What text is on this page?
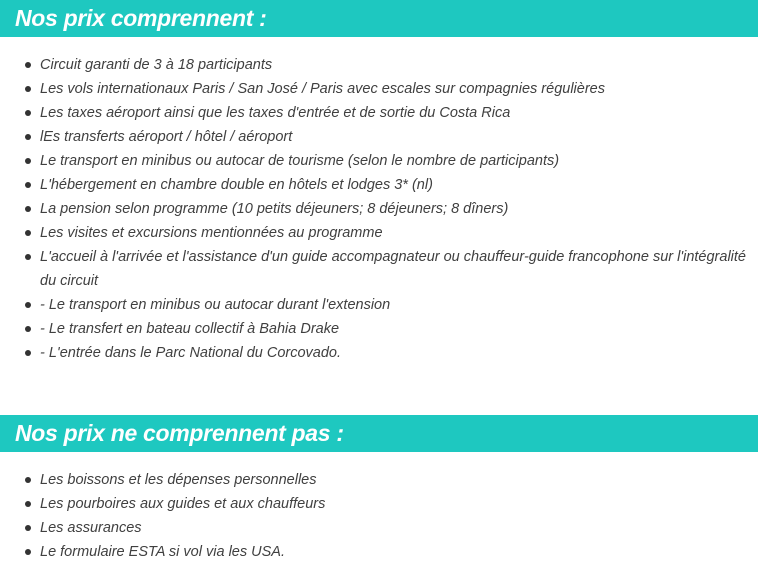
Nos prix comprennent :
Circuit garanti de 3 à 18 participants
Les vols internationaux Paris / San José / Paris avec escales sur compagnies régulières
Les taxes aéroport ainsi que les taxes d'entrée et de sortie du Costa Rica
lEs transferts aéroport / hôtel / aéroport
Le transport en minibus ou autocar de tourisme (selon le nombre de participants)
L'hébergement en chambre double en hôtels et lodges 3* (nl)
La pension selon programme (10 petits déjeuners; 8 déjeuners; 8 dîners)
Les visites et excursions mentionnées au programme
L'accueil à l'arrivée et l'assistance d'un guide accompagnateur ou chauffeur-guide francophone sur l'intégralité du circuit
- Le transport en minibus ou autocar durant l'extension
- Le transfert en bateau collectif à Bahia Drake
- L'entrée dans le Parc National du Corcovado.
Nos prix ne comprennent pas :
Les boissons et les dépenses personnelles
Les pourboires aux guides et aux chauffeurs
Les assurances
Le formulaire ESTA si vol via les USA.
